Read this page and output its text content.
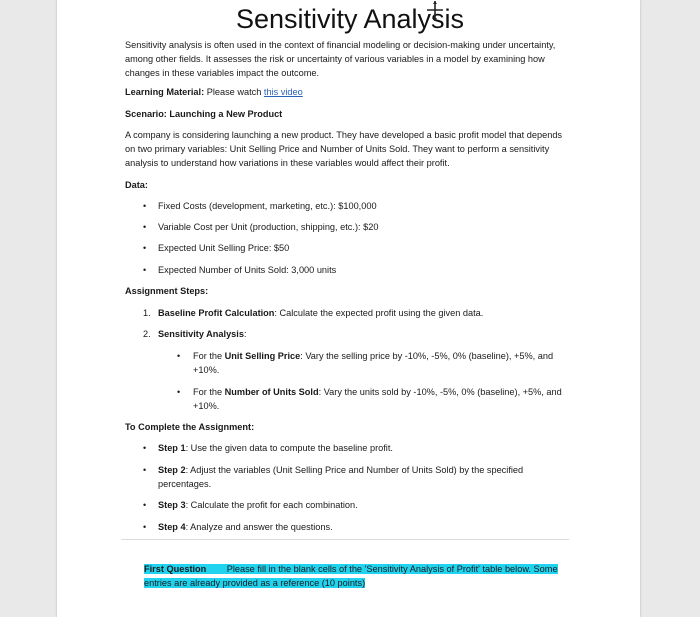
Sensitivity Analysis

Sensitivity analysis is often used in the context of financial modeling or decision-making under uncertainty, among other fields. It assesses the risk or uncertainty of various variables in a model by examining how changes in these variables impact the outcome.

Learning Material: Please watch this video

Scenario: Launching a New Product

A company is considering launching a new product. They have developed a basic profit model that depends on two primary variables: Unit Selling Price and Number of Units Sold. They want to perform a sensitivity analysis to understand how variations in these variables would affect their profit.

Data:

• Fixed Costs (development, marketing, etc.): $100,000

• Variable Cost per Unit (production, shipping, etc.): $20

• Expected Unit Selling Price: $50

• Expected Number of Units Sold: 3,000 units

Assignment Steps:

1. Baseline Profit Calculation: Calculate the expected profit using the given data.

2. Sensitivity Analysis:

• For the Unit Selling Price: Vary the selling price by -10%, -5%, 0% (baseline), +5%, and +10%.

• For the Number of Units Sold: Vary the units sold by -10%, -5%, 0% (baseline), +5%, and +10%.

To Complete the Assignment:

• Step 1: Use the given data to compute the baseline profit.

• Step 2: Adjust the variables (Unit Selling Price and Number of Units Sold) by the specified percentages.

• Step 3: Calculate the profit for each combination.

• Step 4: Analyze and answer the questions.

First Question Please fill in the blank cells of the 'Sensitivity Analysis of Profit' table below. Some entries are already provided as a reference (10 points)
